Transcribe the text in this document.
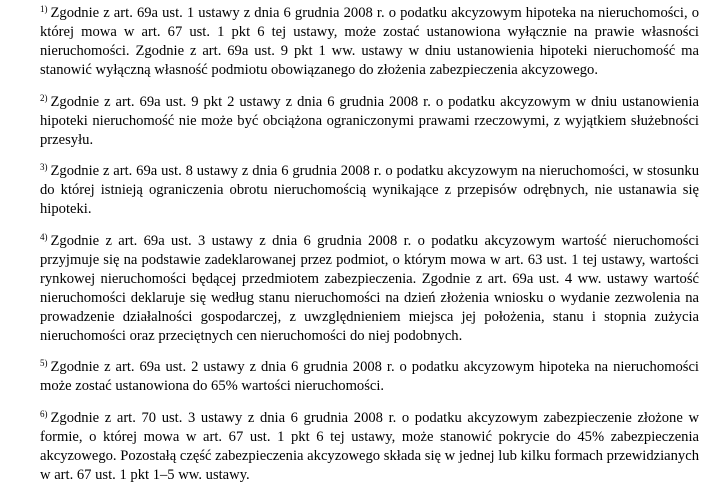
$^{1)}$ Zgodnie z art. 69a ust. 1 ustawy z dnia 6 grudnia 2008 r. o podatku akcyzowym hipoteka na nieruchomości, o której mowa w art. 67 ust. 1 pkt 6 tej ustawy, może zostać ustanowiona wyłącznie na prawie własności nieruchomości. Zgodnie z art. 69a ust. 9 pkt 1 ww. ustawy w dniu ustanowienia hipoteki nieruchomość ma stanowić wyłączną własność podmiotu obowiązanego do złożenia zabezpieczenia akcyzowego.

$^{2)}$ Zgodnie z art. 69a ust. 9 pkt 2 ustawy z dnia 6 grudnia 2008 r. o podatku akcyzowym w dniu ustanowienia hipoteki nieruchomość nie może być obciążona ograniczonymi prawami rzeczowymi, z wyjątkiem służebności przesyłu.

$^{3)}$ Zgodnie z art. 69a ust. 8 ustawy z dnia 6 grudnia 2008 r. o podatku akcyzowym na nieruchomości, w stosunku do której istnieją ograniczenia obrotu nieruchomością wynikające z przepisów odrębnych, nie ustanawia się hipoteki.

$^{4)}$ Zgodnie z art. 69a ust. 3 ustawy z dnia 6 grudnia 2008 r. o podatku akcyzowym wartość nieruchomości przyjmuje się na podstawie zadeklarowanej przez podmiot, o którym mowa w art. 63 ust. 1 tej ustawy, wartości rynkowej nieruchomości będącej przedmiotem zabezpieczenia. Zgodnie z art. 69a ust. 4 ww. ustawy wartość nieruchomości deklaruje się według stanu nieruchomości na dzień złożenia wniosku o wydanie zezwolenia na prowadzenie działalności gospodarczej, z uwzględnieniem miejsca jej położenia, stanu i stopnia zużycia nieruchomości oraz przeciętnych cen nieruchomości do niej podobnych.

$^{5)}$ Zgodnie z art. 69a ust. 2 ustawy z dnia 6 grudnia 2008 r. o podatku akcyzowym hipoteka na nieruchomości może zostać ustanowiona do 65% wartości nieruchomości.

$^{6)}$ Zgodnie z art. 70 ust. 3 ustawy z dnia 6 grudnia 2008 r. o podatku akcyzowym zabezpieczenie złożone w formie, o której mowa w art. 67 ust. 1 pkt 6 tej ustawy, może stanowić pokrycie do 45% zabezpieczenia akcyzowego. Pozostałą część zabezpieczenia akcyzowego składa się w jednej lub kilku formach przewidzianych w art. 67 ust. 1 pkt 1–5 ww. ustawy.
